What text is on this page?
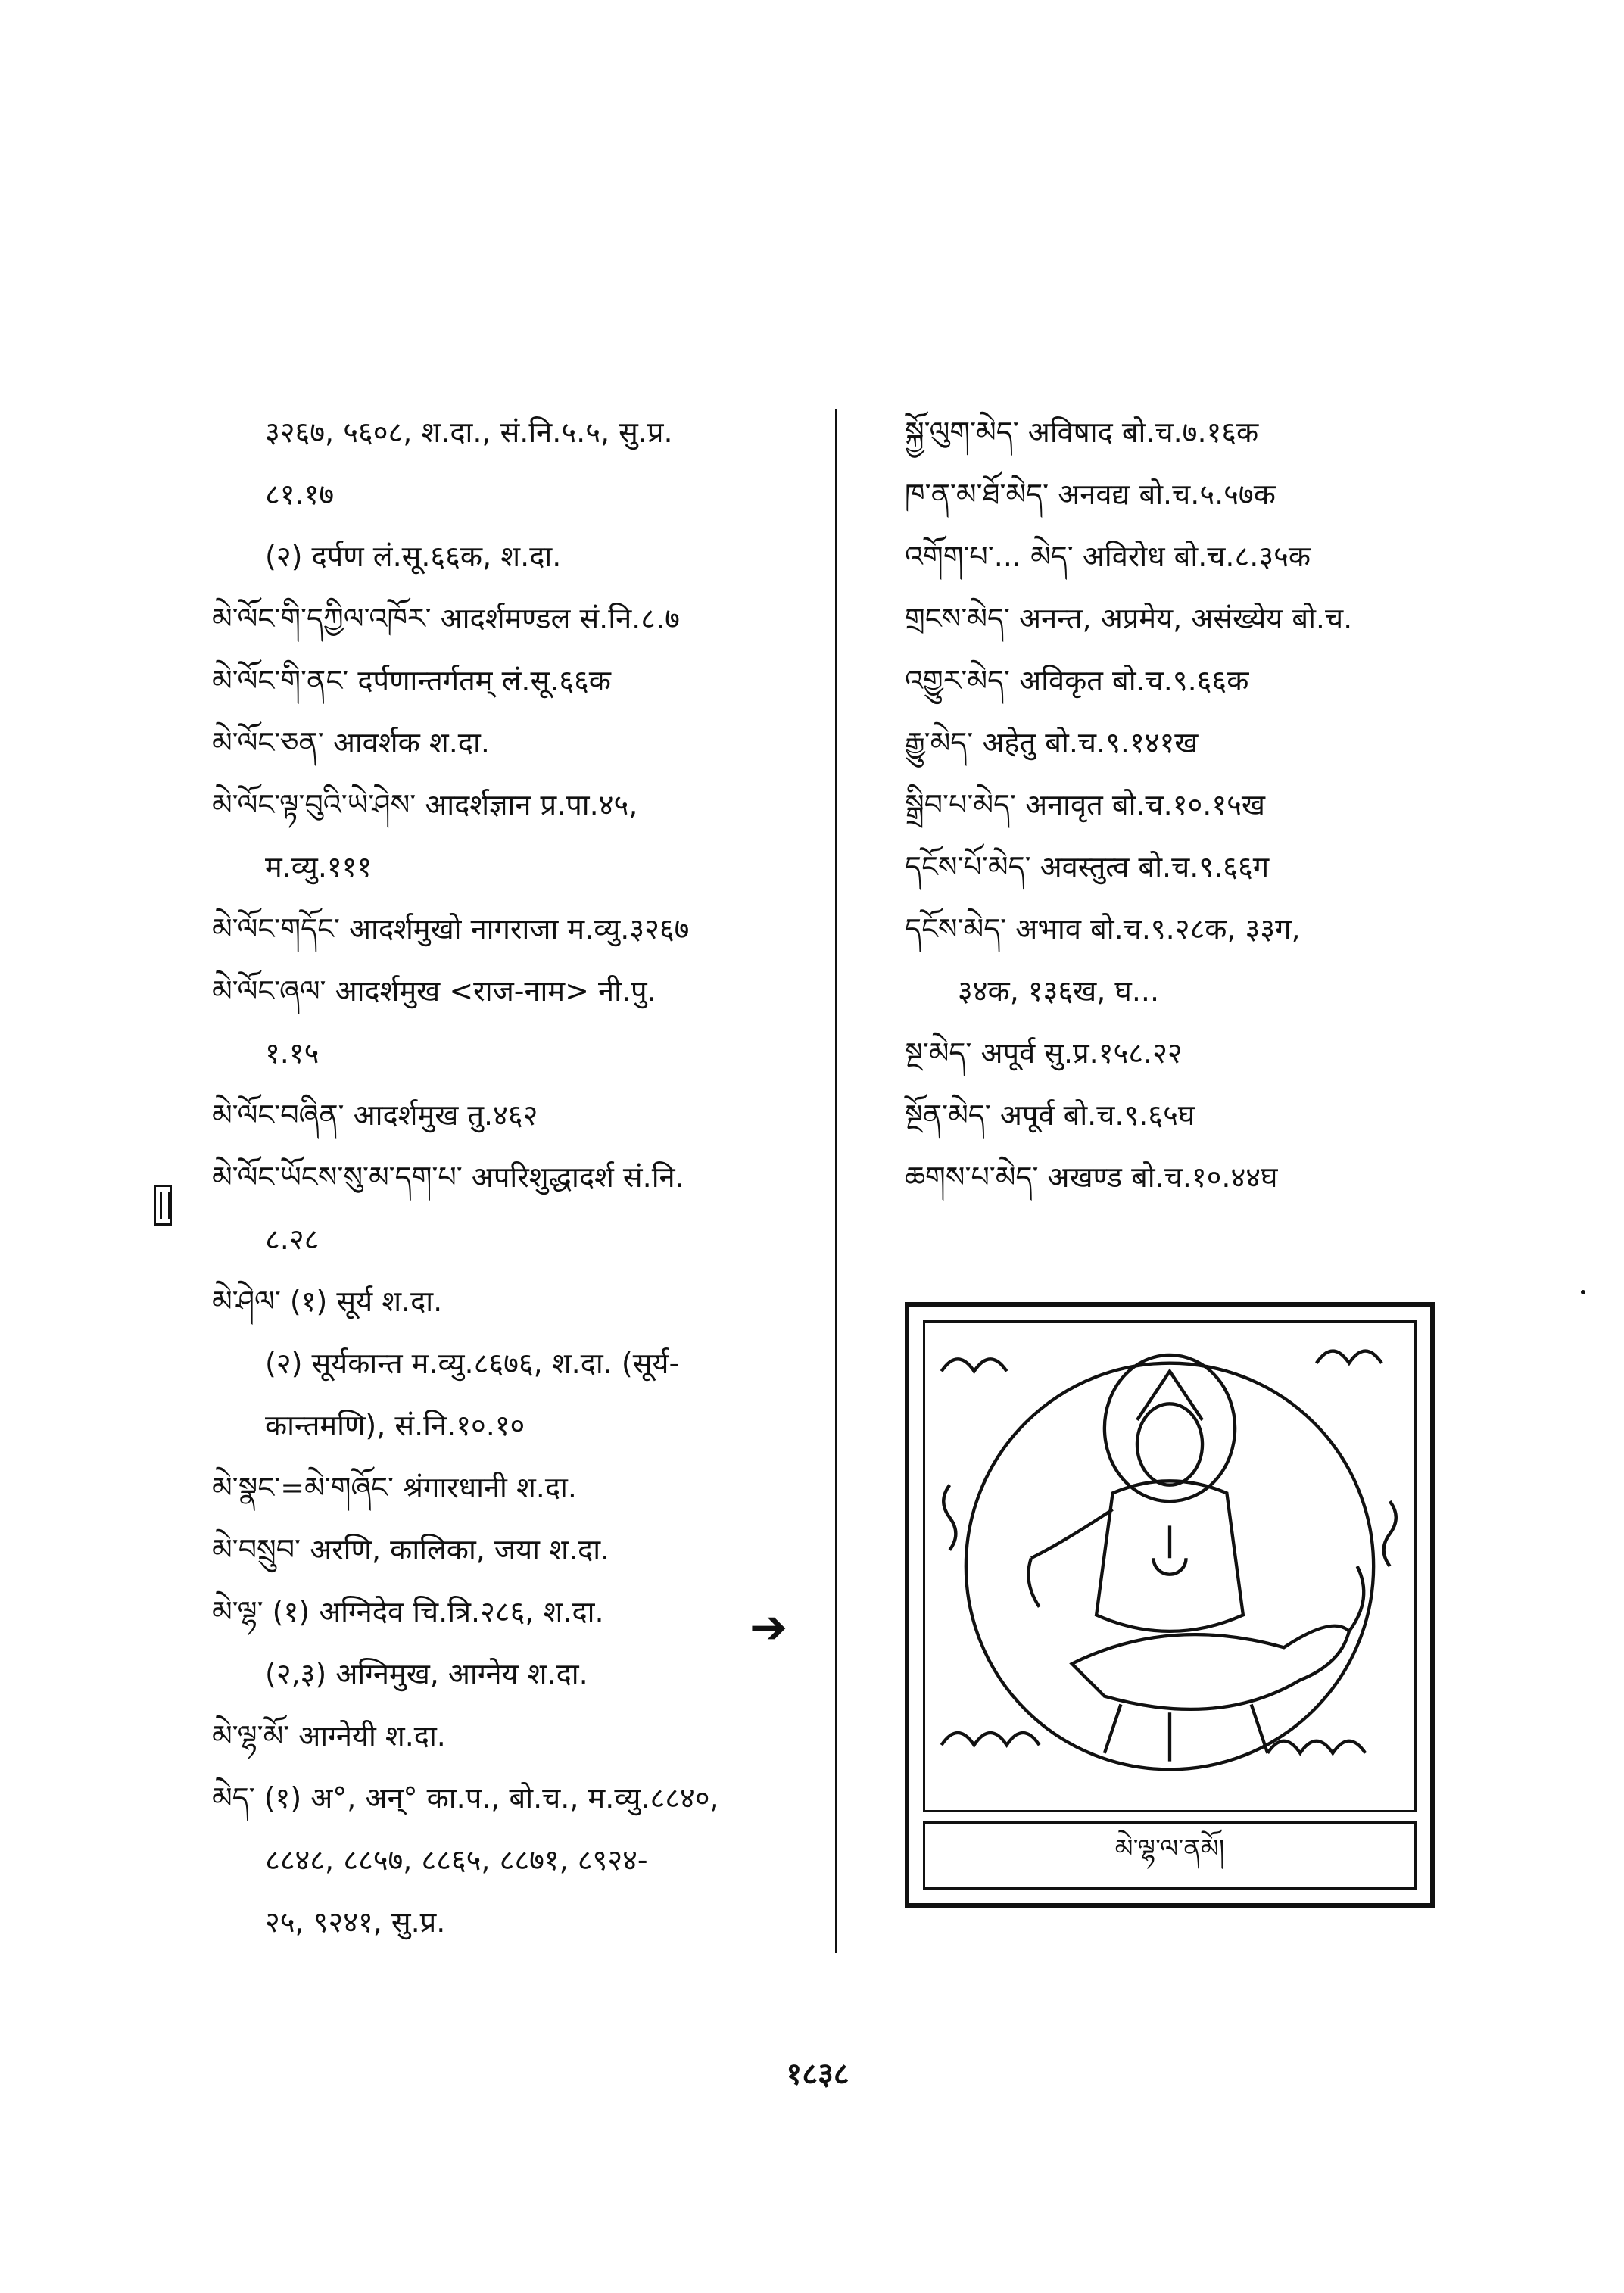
३२६७, ५६०८, श.दा., सं.नि.५.५, सु.प्र.
८१.१७
(२) दर्पण लं.सू.६६क, श.दा.
མེ་ལོང་གི་དཀྱིལ་འཁོར་ आदर्शमण्डल सं.नि.८.७
མེ་ལོང་གི་ནང་ दर्पणान्तर्गतम् लं.सू.६६क
མེ་ལོང་ཅན་ आवर्शक श.दा.
མེ་ལོང་ལྟ་བུའི་ཡེ་ཤེས་ आदर्शज्ञान प्र.पा.४५,
म.व्यु.१११
མེ་ལོང་གདོང་ आदर्शमुखो नागराजा म.व्यु.३२६७
མེ་ལོང་ཞལ་ आदर्शमुख <राज-नाम> नी.पु.
१.१५
མེ་ལོང་བཞིན་ आदर्शमुख तु.४६२
མེ་ལོང་ཡོངས་སུ་མ་དག་པ་ अपरिशुद्धादर्श सं.नि.
८.२८
མེ་ཤེལ་ (१) सूर्य श.दा.
(२) सूर्यकान्त म.व्यु.८६७६, श.दा. (सूर्य-
कान्तमणि), सं.नि.१०.१०
མེ་སྣང་=མེ་གཞོང་ श्रंगारधानी श.दा.
མེ་བསྲུབ་ अरणि, कालिका, जया श.दा.
མེ་ལྷ་ (१) अग्निदेव चि.त्रि.२८६, श.दा.
(२,३) अग्निमुख, आग्नेय श.दा.
མེ་ལྷ་མོ་ आग्नेयी श.दा.
མེད་ (१) अ°, अन्° का.प., बो.च., म.व्यु.८८४०,
८८४८, ८८५७, ८८६५, ८८७१, ८९२४-
२५, ९२४१, सु.प्र.
སྐྱོ་ལུག་མེད་ अविषाद बो.च.७.१६क
ཁ་ན་མ་ཐོ་མེད་ अनवद्य बो.च.५.५७क
འགོག་པ་... མེད་ अविरोध बो.च.८.३५क
གྲངས་མེད་ अनन्त, अप्रमेय, असंख्येय बो.च.
འགྱུར་མེད་ अविकृत बो.च.९.६६क
རྒྱུ་མེད་ अहेतु बो.च.९.१४१ख
སྒྲིབ་པ་མེད་ अनावृत बो.च.१०.१५ख
དངོས་པོ་མེད་ अवस्तुत्व बो.च.९.६६ग
དངོས་མེད་ अभाव बो.च.९.२८क, ३३ग,
३४क, १३६ख, घ...
སྔ་མེད་ अपूर्व सु.प्र.१५८.२२
སྔོན་མེད་ अपूर्व बो.च.९.६५घ
ཆགས་པ་མེད་ अखण्ड बो.च.१०.४४घ
➔
མེ་ལྷ་ལ་ནམོ།
१८३८
